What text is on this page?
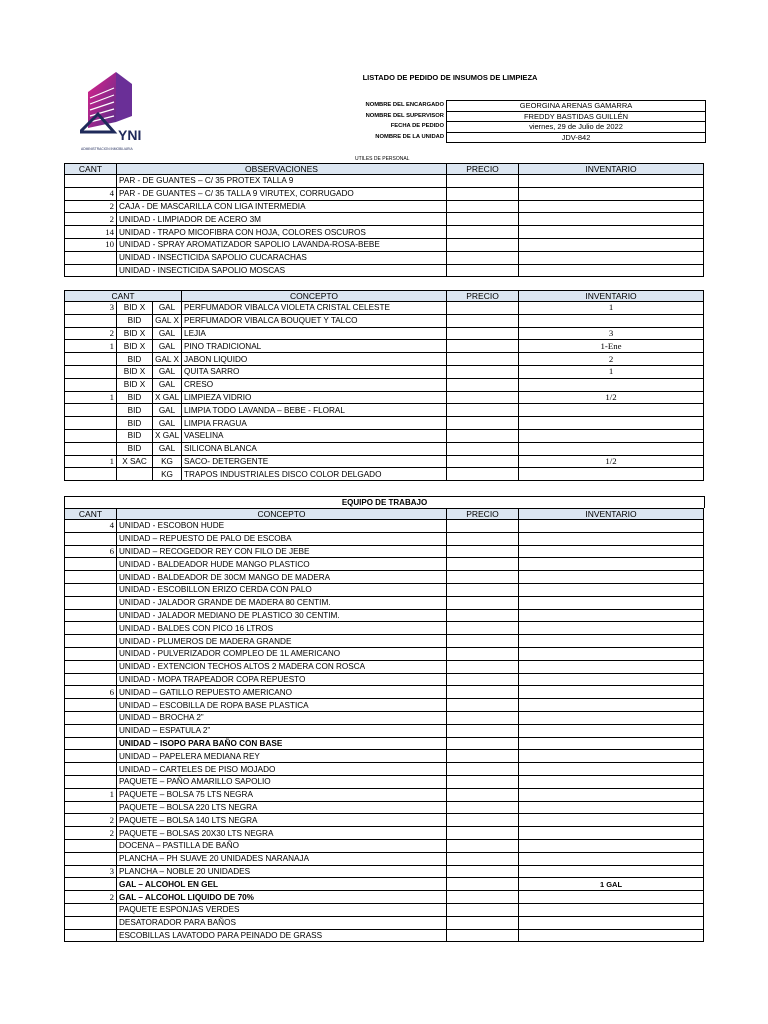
YNI
ADMINISTRACION INMOBILIARIA
LISTADO DE PEDIDO DE INSUMOS DE LIMPIEZA
NOMBRE DEL ENCARGADO	GEORGINA ARENAS GAMARRA
NOMBRE DEL SUPERVISOR	FREDDY BASTIDAS GUILLÉN
FECHA DE PEDIDO	viernes, 29 de Julio de 2022
NOMBRE DE LA UNIDAD	JDV-842
UTILES DE PERSONAL
CANT	OBSERVACIONES	PRECIO	INVENTARIO
	PAR - DE GUANTES – C/ 35 PROTEX TALLA 9		
4	PAR - DE GUANTES – C/ 35 TALLA 9 VIRUTEX, CORRUGADO		
2	CAJA - DE MASCARILLA CON LIGA INTERMEDIA		
2	UNIDAD - LIMPIADOR DE ACERO 3M		
14	UNIDAD - TRAPO MICOFIBRA CON HOJA, COLORES OSCUROS		
10	UNIDAD - SPRAY AROMATIZADOR SAPOLIO LAVANDA-ROSA-BEBE		
	UNIDAD - INSECTICIDA SAPOLIO CUCARACHAS		
	UNIDAD - INSECTICIDA SAPOLIO MOSCAS		
CANT			CONCEPTO	PRECIO	INVENTARIO
3	BID X	GAL	PERFUMADOR VIBALCA VIOLETA CRISTAL CELESTE		1
	BID	GAL X	PERFUMADOR VIBALCA BOUQUET Y TALCO		
2	BID X	GAL	LEJIA		3
1	BID X	GAL	PINO TRADICIONAL		1-Ene
	BID	GAL X	JABON LIQUIDO		2
	BID X	GAL	QUITA SARRO		1
	BID X	GAL	CRESO		
1	BID	X GAL	LIMPIEZA VIDRIO		1/2
	BID	GAL	LIMPIA TODO LAVANDA – BEBE - FLORAL		
	BID	GAL	LIMPIA FRAGUA		
	BID	X GAL	VASELINA		
	BID	GAL	SILICONA BLANCA		
1	X SAC	KG	SACO- DETERGENTE		1/2
		KG	TRAPOS INDUSTRIALES DISCO COLOR DELGADO		
EQUIPO DE TRABAJO
CANT	CONCEPTO	PRECIO	INVENTARIO
4	UNIDAD - ESCOBON HUDE		
	UNIDAD – REPUESTO DE PALO DE ESCOBA		
6	UNIDAD – RECOGEDOR REY CON FILO DE JEBE		
	UNIDAD - BALDEADOR HUDE MANGO PLASTICO		
	UNIDAD - BALDEADOR DE 30CM MANGO DE MADERA		
	UNIDAD - ESCOBILLON ERIZO CERDA CON PALO		
	UNIDAD - JALADOR GRANDE DE MADERA 80 CENTIM.		
	UNIDAD - JALADOR MEDIANO DE PLASTICO 30 CENTIM.		
	UNIDAD - BALDES CON PICO 16 LTROS		
	UNIDAD - PLUMEROS DE MADERA GRANDE		
	UNIDAD - PULVERIZADOR COMPLEO DE 1L AMERICANO		
	UNIDAD - EXTENCION TECHOS ALTOS 2 MADERA CON ROSCA		
	UNIDAD - MOPA TRAPEADOR COPA REPUESTO		
6	UNIDAD – GATILLO REPUESTO AMERICANO		
	UNIDAD – ESCOBILLA DE ROPA BASE PLASTICA		
	UNIDAD – BROCHA 2”		
	UNIDAD – ESPATULA 2”		
	UNIDAD – ISOPO PARA BAÑO CON BASE		
	UNIDAD – PAPELERA MEDIANA REY		
	UNIDAD – CARTELES DE PISO MOJADO		
	PAQUETE – PAÑO AMARILLO SAPOLIO		
1	PAQUETE – BOLSA 75 LTS NEGRA		
	PAQUETE – BOLSA 220 LTS NEGRA		
2	PAQUETE – BOLSA 140 LTS NEGRA		
2	PAQUETE – BOLSAS 20X30 LTS NEGRA		
	DOCENA – PASTILLA DE BAÑO		
	PLANCHA – PH SUAVE 20 UNIDADES NARANAJA		
3	PLANCHA – NOBLE 20 UNIDADES		
	GAL – ALCOHOL EN GEL		1 GAL
2	GAL – ALCOHOL LIQUIDO DE 70%		
	PAQUETE ESPONJAS VERDES		
	DESATORADOR PARA BAÑOS		
	ESCOBILLAS LAVATODO PARA PEINADO DE GRASS		
